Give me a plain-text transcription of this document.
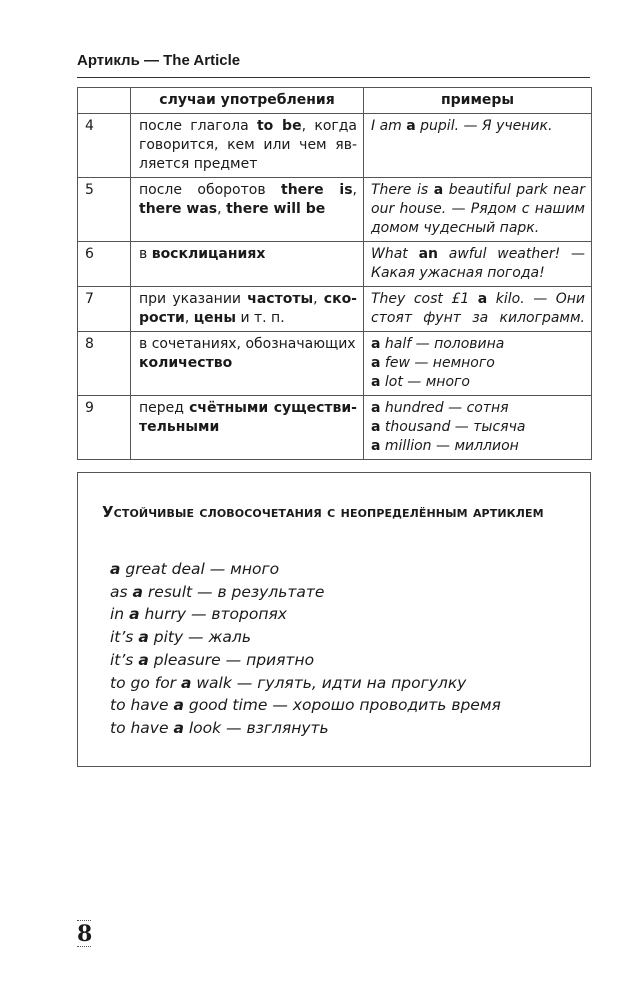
Артикль — The Article
	случаи употребления	примеры
4	после глагола to be, когда
говорится, кем или чем яв-
ляется предмет	I am a pupil. — Я ученик.

5	после оборотов there is,
there was, there will be	There is a beautiful park near
our house. — Рядом с нашим
домом чудесный парк.

6	в восклицаниях	What an awful weather! —
Какая ужасная погода!

7	при указании частоты, ско-
рости, цены и т. п.	They cost £1 a kilo. — Они
стоят фунт за килограмм.

8	в сочетаниях, обозначающих
количество	a half — половина
a few — немного
a lot — много

9	перед счётными существи-
тельными	a hundred — сотня
a thousand — тысяча
a million — миллион
Устойчивые словосочетания с неопределённым артиклем
a great deal — много
as a result — в результате
in a hurry — второпях
it’s a pity — жаль
it’s a pleasure — приятно
to go for a walk — гулять, идти на прогулку
to have a good time — хорошо проводить время
to have a look — взглянуть
8
